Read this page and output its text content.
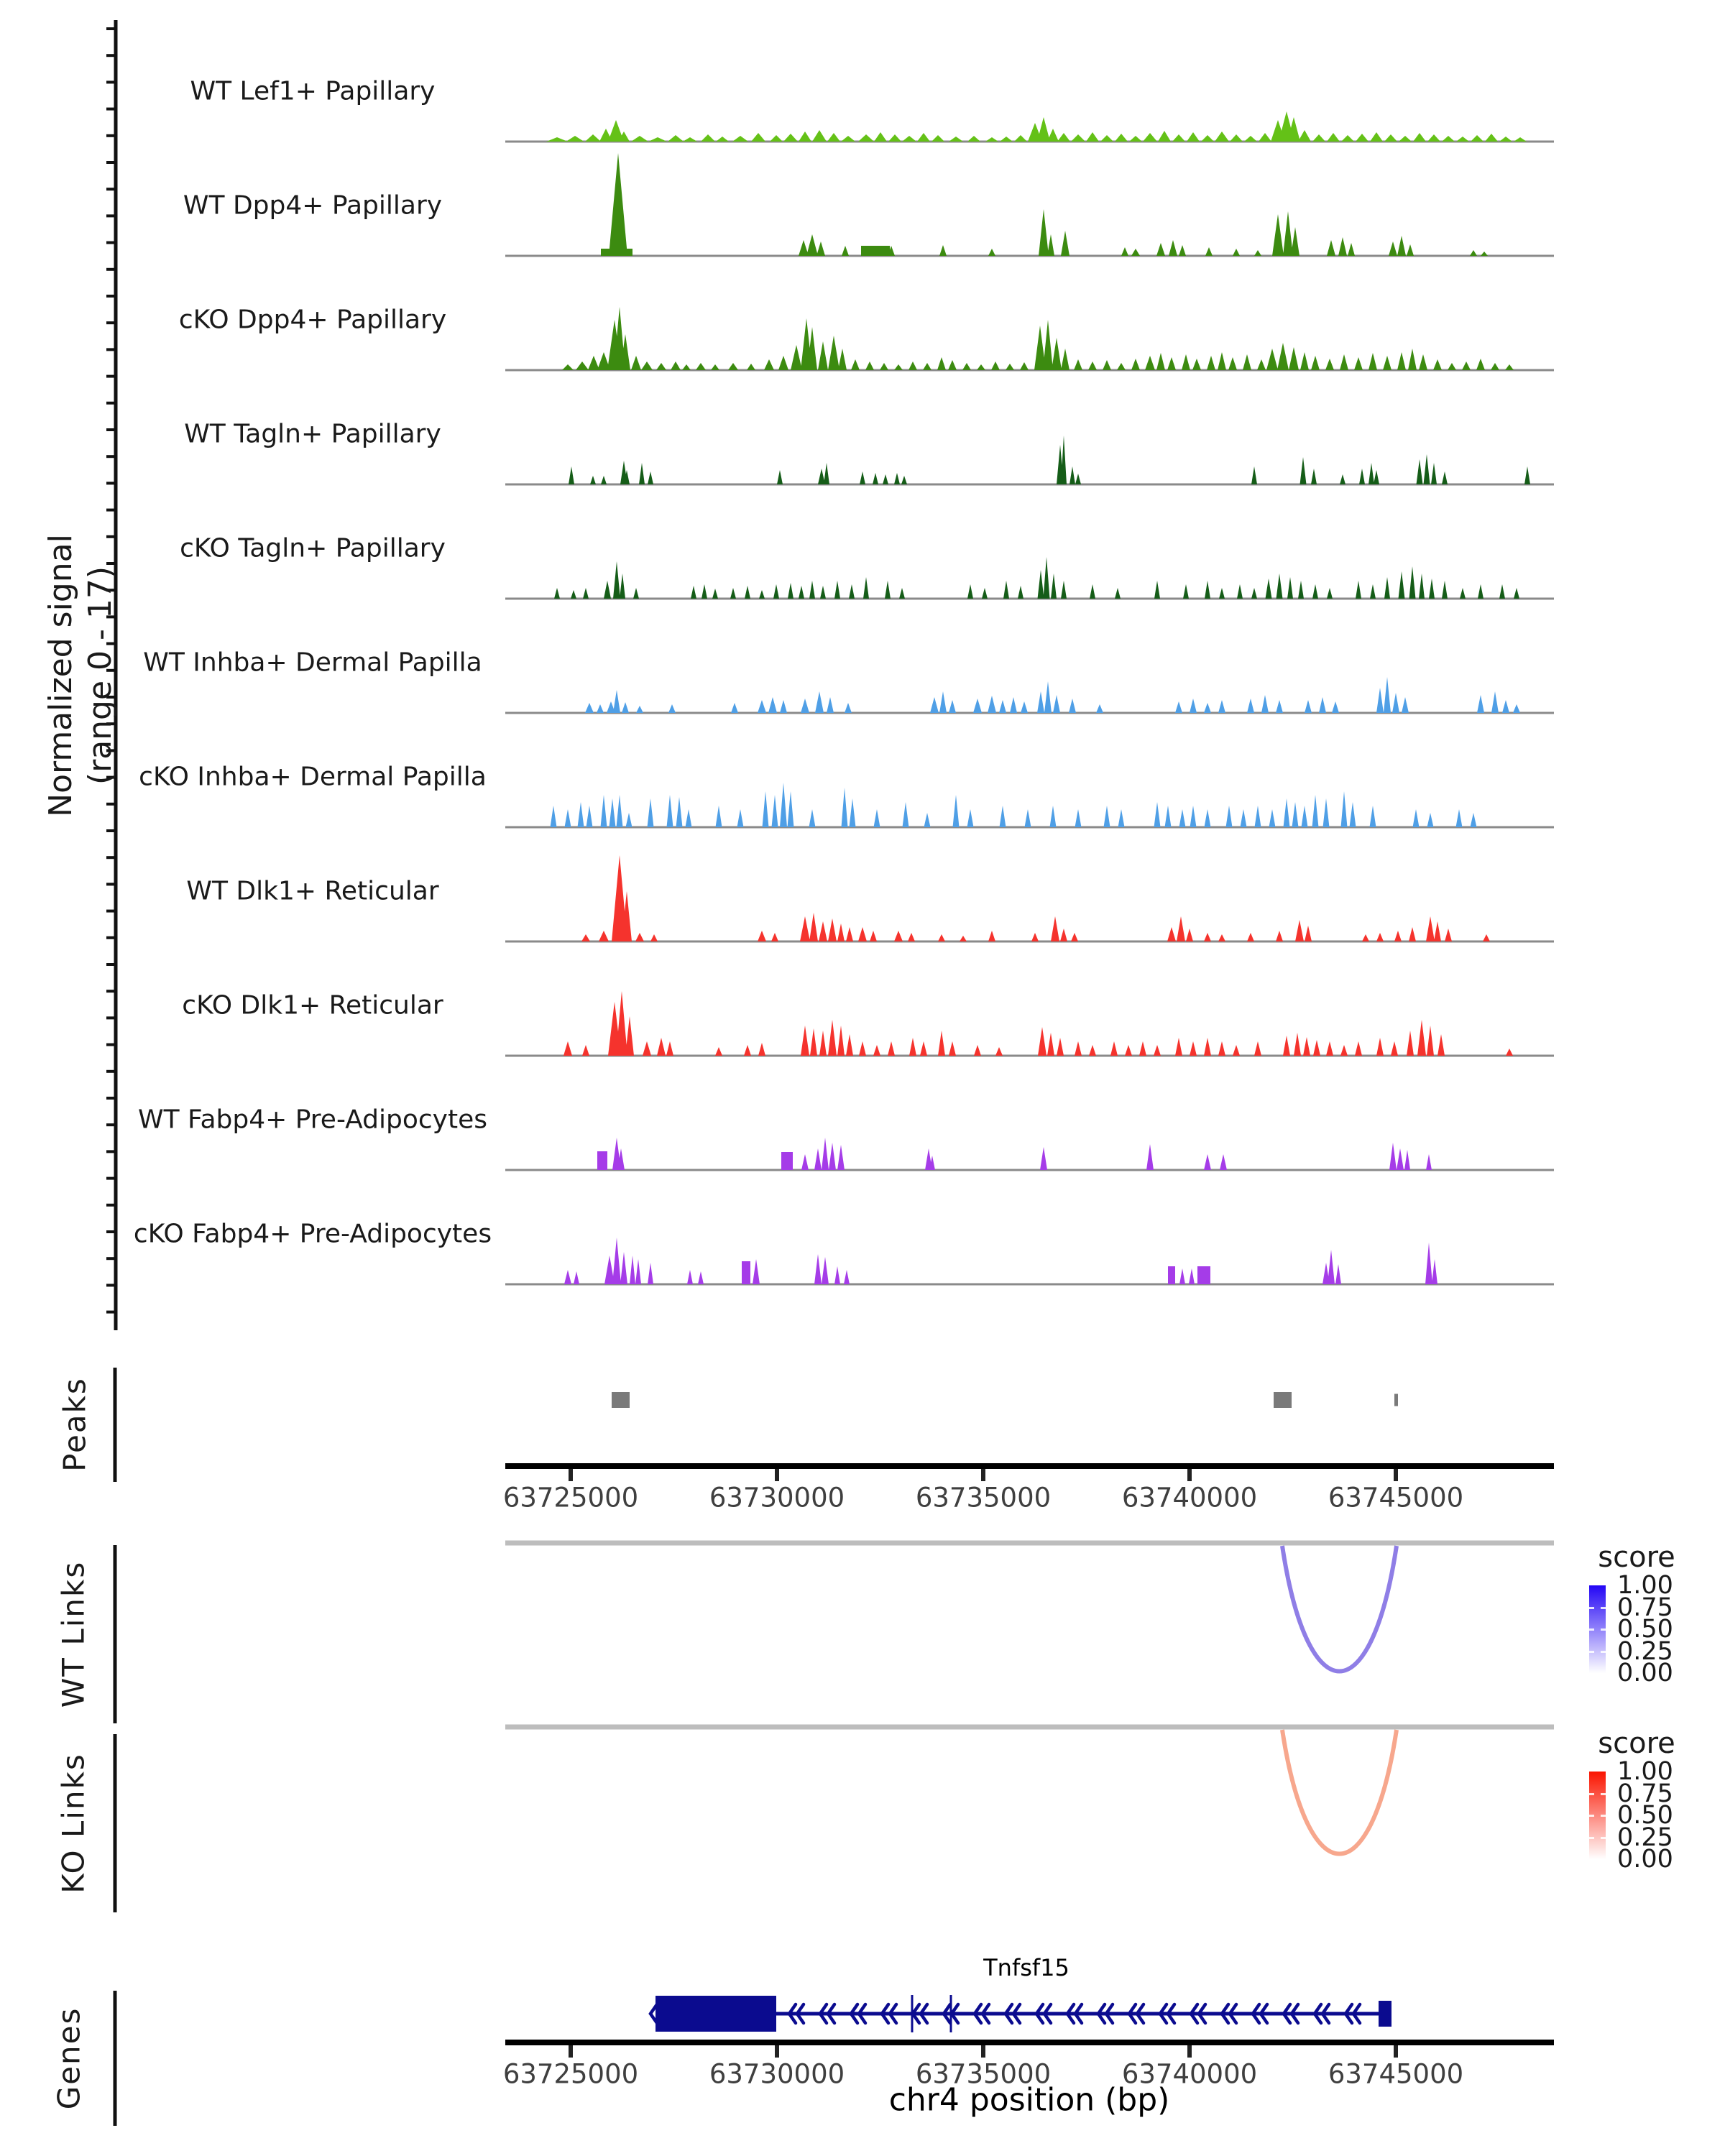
Normalized signal (range 0 - 17)
Peaks
WT Links
KO Links
Genes
score
score
Tnfsf15
chr4 position (bp)
WT Lef1+ Papillary
WT Dpp4+ Papillary
cKO Dpp4+ Papillary
WT Tagln+ Papillary
cKO Tagln+ Papillary
WT Inhba+ Dermal Papilla
cKO Inhba+ Dermal Papilla
WT Dlk1+ Reticular
cKO Dlk1+ Reticular
WT Fabp4+ Pre-Adipocytes
cKO Fabp4+ Pre-Adipocytes
63725000	63730000	63735000	63740000	63745000
63725000	63730000	63735000	63740000	63745000
1.00
0.75
0.50
0.25
0.00
1.00
0.75
0.50
0.25
0.00
